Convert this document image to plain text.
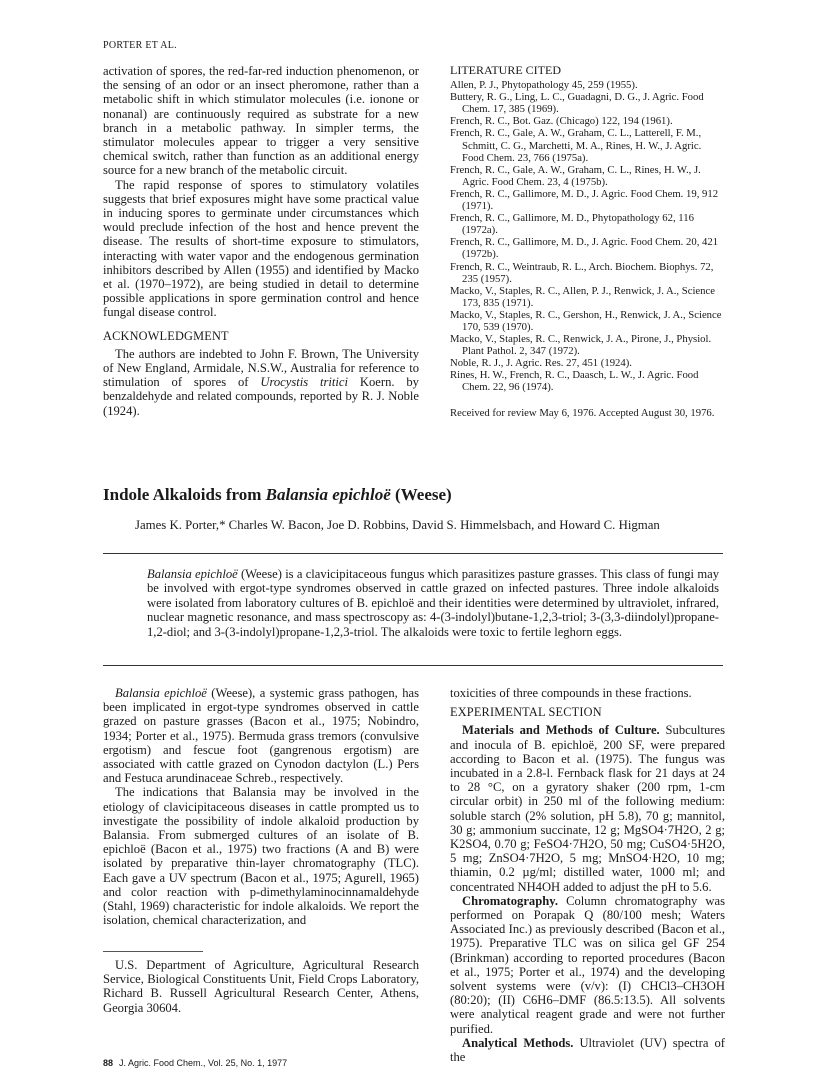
PORTER ET AL.

activation of spores, the red-far-red induction phenomenon, or the sensing of an odor or an insect pheromone, rather than a metabolic shift in which stimulator molecules (i.e. ionone or nonanal) are continuously required as substrate for a new branch in a metabolic pathway. In simpler terms, the stimulator molecules appear to trigger a very sensitive chemical switch, rather than function as an additional energy source for a new branch of the metabolic circuit.

The rapid response of spores to stimulatory volatiles suggests that brief exposures might have some practical value in inducing spores to germinate under circumstances which would preclude infection of the host and hence prevent the disease. The results of short-time exposure to stimulators, interacting with water vapor and the endogenous germination inhibitors described by Allen (1955) and identified by Macko et al. (1970–1972), are being studied in detail to determine possible applications in spore germination control and hence fungal disease control.

ACKNOWLEDGMENT

The authors are indebted to John F. Brown, The University of New England, Armidale, N.S.W., Australia for reference to stimulation of spores of Urocystis tritici Koern. by benzaldehyde and related compounds, reported by R. J. Noble (1924).

LITERATURE CITED
Allen, P. J., Phytopathology 45, 259 (1955).
Buttery, R. G., Ling, L. C., Guadagni, D. G., J. Agric. Food Chem. 17, 385 (1969).
French, R. C., Bot. Gaz. (Chicago) 122, 194 (1961).
French, R. C., Gale, A. W., Graham, C. L., Latterell, F. M., Schmitt, C. G., Marchetti, M. A., Rines, H. W., J. Agric. Food Chem. 23, 766 (1975a).
French, R. C., Gale, A. W., Graham, C. L., Rines, H. W., J. Agric. Food Chem. 23, 4 (1975b).
French, R. C., Gallimore, M. D., J. Agric. Food Chem. 19, 912 (1971).
French, R. C., Gallimore, M. D., Phytopathology 62, 116 (1972a).
French, R. C., Gallimore, M. D., J. Agric. Food Chem. 20, 421 (1972b).
French, R. C., Weintraub, R. L., Arch. Biochem. Biophys. 72, 235 (1957).
Macko, V., Staples, R. C., Allen, P. J., Renwick, J. A., Science 173, 835 (1971).
Macko, V., Staples, R. C., Gershon, H., Renwick, J. A., Science 170, 539 (1970).
Macko, V., Staples, R. C., Renwick, J. A., Pirone, J., Physiol. Plant Pathol. 2, 347 (1972).
Noble, R. J., J. Agric. Res. 27, 451 (1924).
Rines, H. W., French, R. C., Daasch, L. W., J. Agric. Food Chem. 22, 96 (1974).
Received for review May 6, 1976. Accepted August 30, 1976.
Indole Alkaloids from Balansia epichloë (Weese)
James K. Porter,* Charles W. Bacon, Joe D. Robbins, David S. Himmelsbach, and Howard C. Higman
Balansia epichloë (Weese) is a clavicipitaceous fungus which parasitizes pasture grasses. This class of fungi may be involved with ergot-type syndromes observed in cattle grazed on infected pastures. Three indole alkaloids were isolated from laboratory cultures of B. epichloë and their identities were determined by ultraviolet, infrared, nuclear magnetic resonance, and mass spectroscopy as: 4-(3-indolyl)butane-1,2,3-triol; 3-(3,3-diindolyl)propane-1,2-diol; and 3-(3-indolyl)propane-1,2,3-triol. The alkaloids were toxic to fertile leghorn eggs.

Balansia epichloë (Weese), a systemic grass pathogen, has been implicated in ergot-type syndromes observed in cattle grazed on pasture grasses (Bacon et al., 1975; Nobindro, 1934; Porter et al., 1975). Bermuda grass tremors (convulsive ergotism) and fescue foot (gangrenous ergotism) are associated with cattle grazed on Cynodon dactylon (L.) Pers and Festuca arundinaceae Schreb., respectively.

The indications that Balansia may be involved in the etiology of clavicipitaceous diseases in cattle prompted us to investigate the possibility of indole alkaloid production by Balansia. From submerged cultures of an isolate of B. epichloë (Bacon et al., 1975) two fractions (A and B) were isolated by preparative thin-layer chromatography (TLC). Each gave a UV spectrum (Bacon et al., 1975; Agurell, 1965) and color reaction with p-dimethylaminocinnamaldehyde (Stahl, 1969) characteristic for indole alkaloids. We report the isolation, chemical characterization, and

U.S. Department of Agriculture, Agricultural Research Service, Biological Constituents Unit, Field Crops Laboratory, Richard B. Russell Agricultural Research Center, Athens, Georgia 30604.

toxicities of three compounds in these fractions.

EXPERIMENTAL SECTION

Materials and Methods of Culture. Subcultures and inocula of B. epichloë, 200 SF, were prepared according to Bacon et al. (1975). The fungus was incubated in a 2.8-l. Fernback flask for 21 days at 24 to 28 °C, on a gyratory shaker (200 rpm, 1-cm circular orbit) in 250 ml of the following medium: soluble starch (2% solution, pH 5.8), 70 g; mannitol, 30 g; ammonium succinate, 12 g; MgSO4·7H2O, 2 g; K2SO4, 0.70 g; FeSO4·7H2O, 50 mg; CuSO4·5H2O, 5 mg; ZnSO4·7H2O, 5 mg; MnSO4·H2O, 10 mg; thiamin, 0.2 µg/ml; distilled water, 1000 ml; and concentrated NH4OH added to adjust the pH to 5.6.

Chromatography. Column chromatography was performed on Porapak Q (80/100 mesh; Waters Associated Inc.) as previously described (Bacon et al., 1975). Preparative TLC was on silica gel GF 254 (Brinkman) according to reported procedures (Bacon et al., 1975; Porter et al., 1974) and the developing solvent systems were (v/v): (I) CHCl3–CH3OH (80:20); (II) C6H6–DMF (86.5:13.5). All solvents were analytical reagent grade and were not further purified.

Analytical Methods. Ultraviolet (UV) spectra of the

88 J. Agric. Food Chem., Vol. 25, No. 1, 1977
